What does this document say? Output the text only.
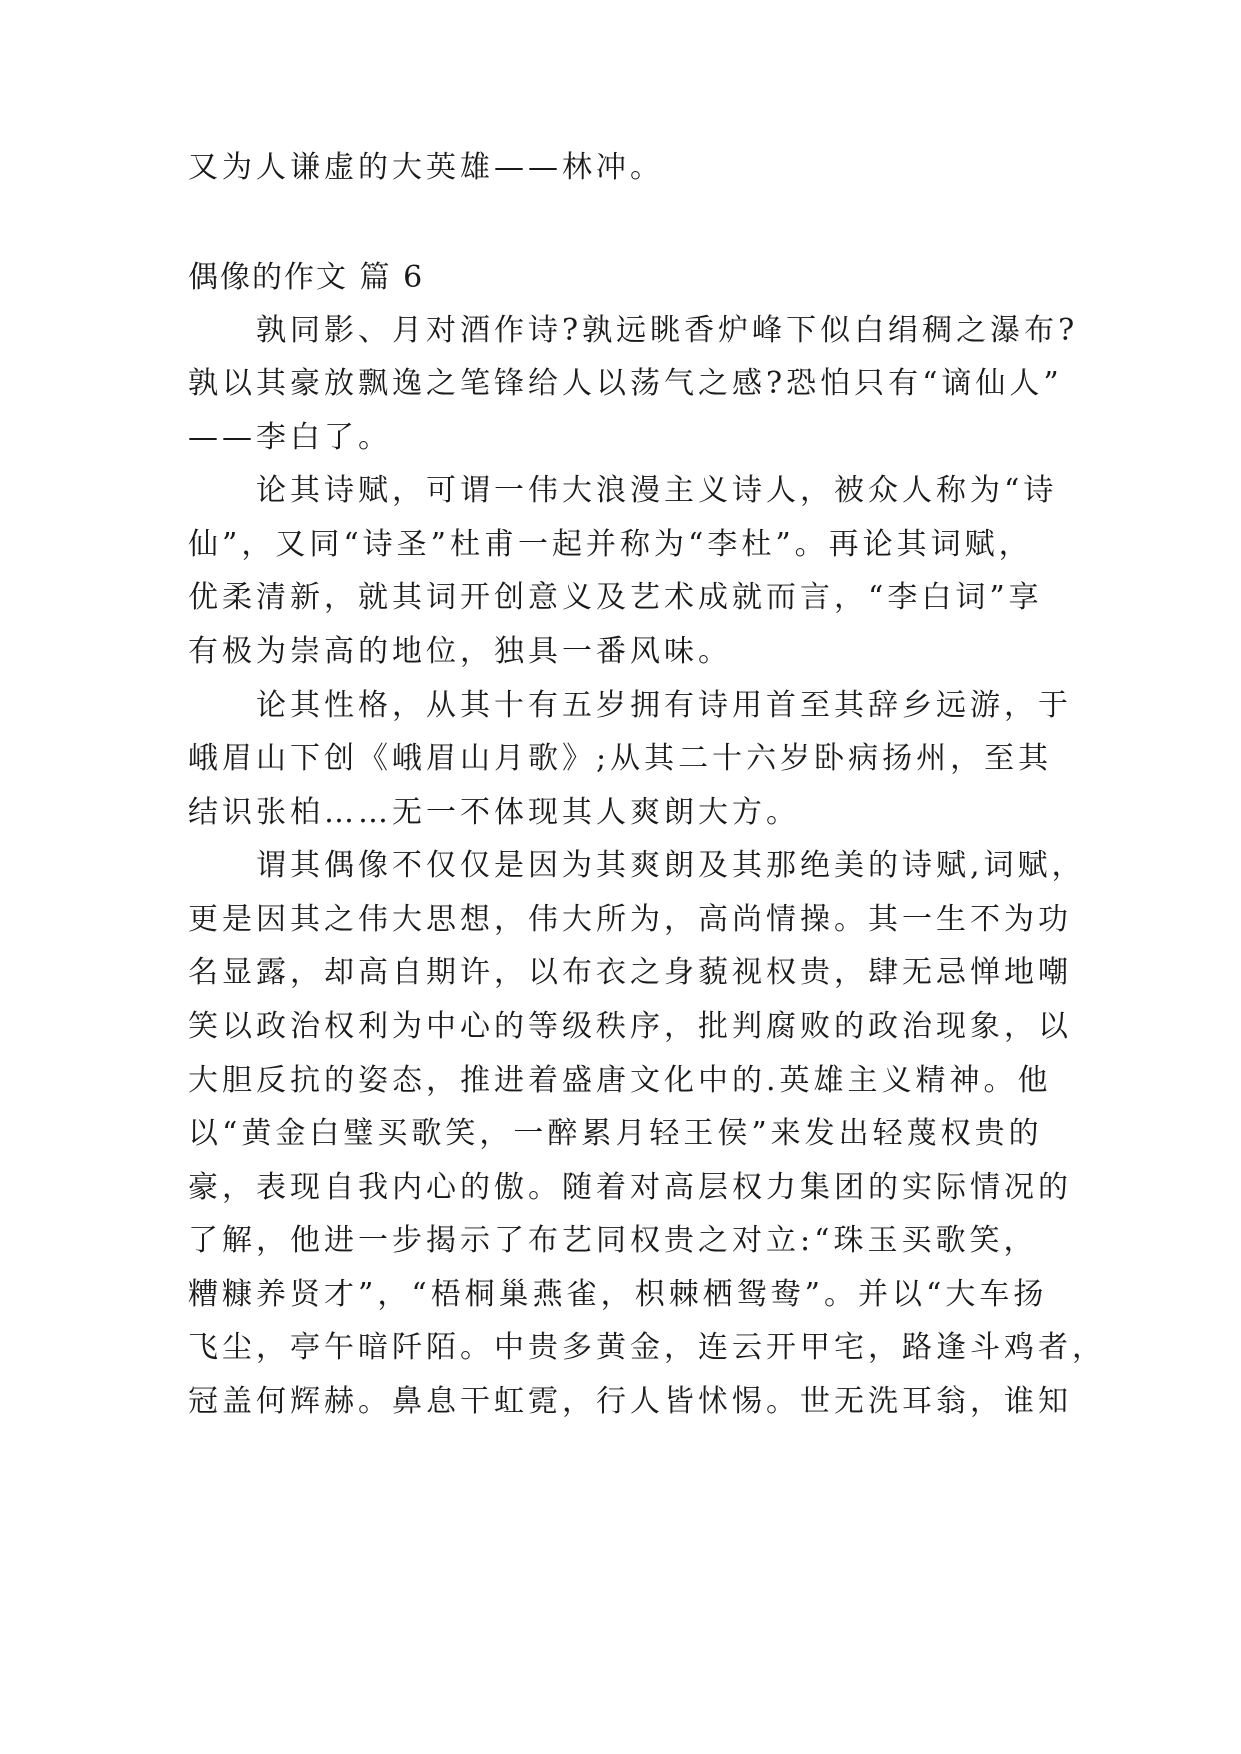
又为人谦虚的大英雄——林冲。
偶像的作文 篇 6
　　孰同影、月对酒作诗?孰远眺香炉峰下似白绢稠之瀑布?
孰以其豪放飘逸之笔锋给人以荡气之感?恐怕只有“谪仙人”
——李白了。
　　论其诗赋，可谓一伟大浪漫主义诗人，被众人称为“诗
仙”，又同“诗圣”杜甫一起并称为“李杜”。再论其词赋，
优柔清新，就其词开创意义及艺术成就而言，“李白词”享
有极为崇高的地位，独具一番风味。
　　论其性格，从其十有五岁拥有诗用首至其辞乡远游，于
峨眉山下创《峨眉山月歌》;从其二十六岁卧病扬州，至其
结识张柏……无一不体现其人爽朗大方。
　　谓其偶像不仅仅是因为其爽朗及其那绝美的诗赋,词赋，
更是因其之伟大思想，伟大所为，高尚情操。其一生不为功
名显露，却高自期许，以布衣之身藐视权贵，肆无忌惮地嘲
笑以政治权利为中心的等级秩序，批判腐败的政治现象，以
大胆反抗的姿态，推进着盛唐文化中的.英雄主义精神。他
以“黄金白璧买歌笑，一醉累月轻王侯”来发出轻蔑权贵的
豪，表现自我内心的傲。随着对高层权力集团的实际情况的
了解，他进一步揭示了布艺同权贵之对立:“珠玉买歌笑，
糟糠养贤才”，“梧桐巢燕雀，枳棘栖鸳鸯”。并以“大车扬
飞尘，亭午暗阡陌。中贵多黄金，连云开甲宅，路逢斗鸡者，
冠盖何辉赫。鼻息干虹霓，行人皆怵惕。世无洗耳翁，谁知
